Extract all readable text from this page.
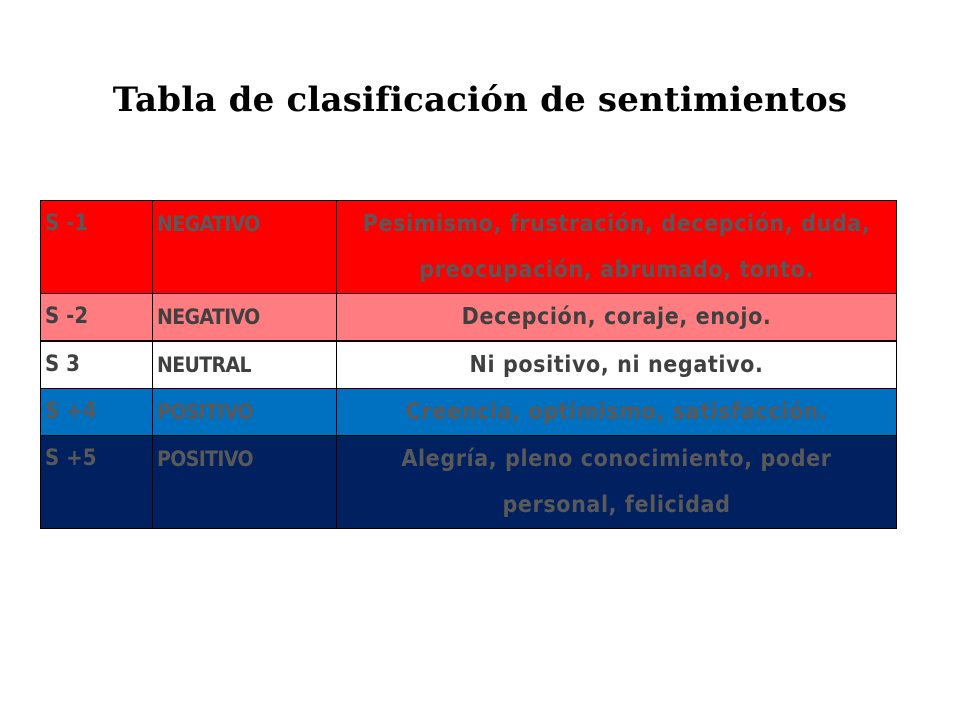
Tabla de clasificación de sentimientos
S -1	NEGATIVO	Pesimismo, frustración, decepción, duda, preocupación, abrumado, tonto.
S -2	NEGATIVO	Decepción, coraje, enojo.
S 3	NEUTRAL	Ni positivo, ni negativo.
S +4	POSITIVO	Creencia, optimismo, satisfacción.
S +5	POSITIVO	Alegría, pleno conocimiento, poder personal, felicidad
